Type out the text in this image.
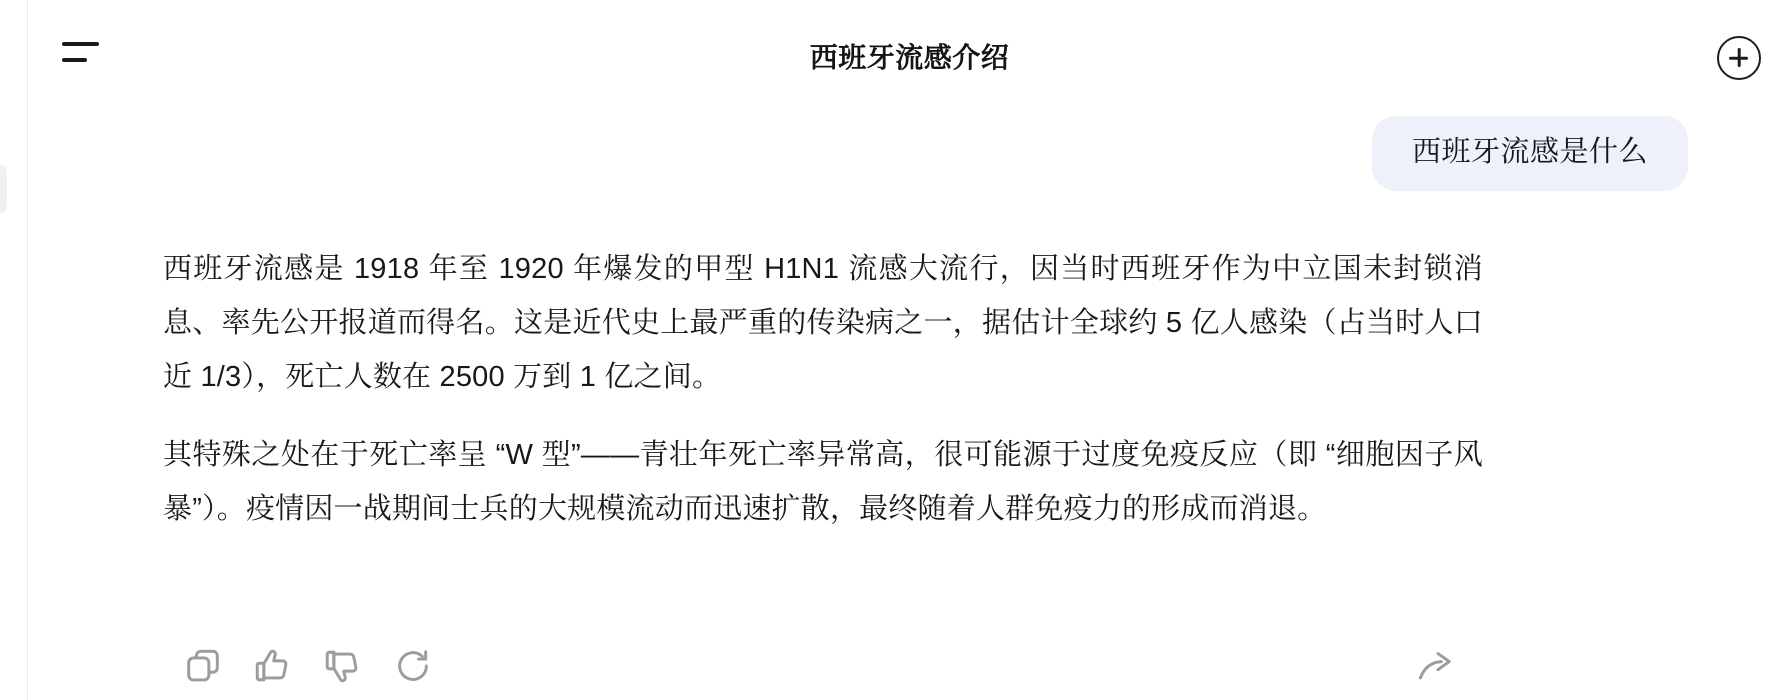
西班牙流感介绍
西班牙流感是什么

西班牙流感是 1918 年至 1920 年爆发的甲型 H1N1 流感大流行，因当时西班牙作为中立国未封锁消息、率先公开报道而得名。这是近代史上最严重的传染病之一，据估计全球约 5 亿人感染（占当时人口近 1/3），死亡人数在 2500 万到 1 亿之间。

其特殊之处在于死亡率呈 “W 型”——青壮年死亡率异常高，很可能源于过度免疫反应（即 “细胞因子风暴”）。疫情因一战期间士兵的大规模流动而迅速扩散，最终随着人群免疫力的形成而消退。
